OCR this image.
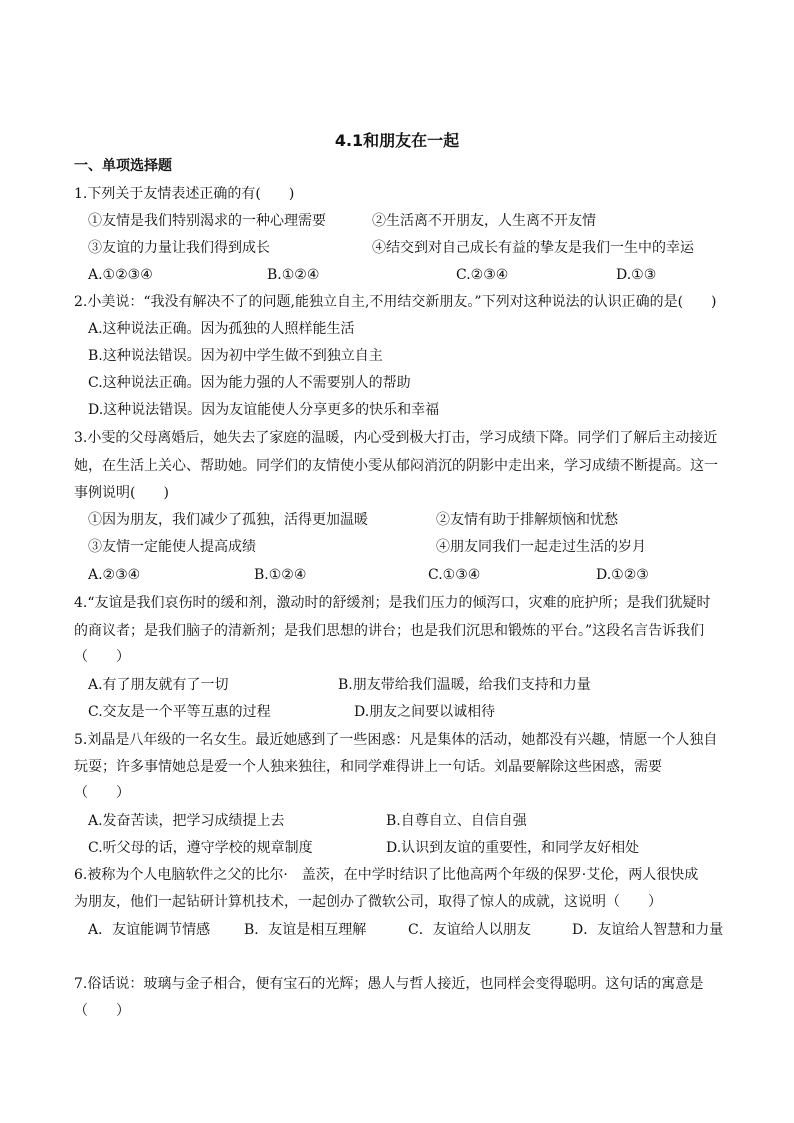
4.1和朋友在一起
一、单项选择题
1.下列关于友情表述正确的有(　　)
①友情是我们特别渴求的一种心理需要	②生活离不开朋友，人生离不开友情
③友谊的力量让我们得到成长	④结交到对自己成长有益的挚友是我们一生中的幸运
A.①②③④	B.①②④	C.②③④	D.①③
2.小美说：“我没有解决不了的问题,能独立自主,不用结交新朋友。”下列对这种说法的认识正确的是(　　)
A.这种说法正确。因为孤独的人照样能生活
B.这种说法错误。因为初中学生做不到独立自主
C.这种说法正确。因为能力强的人不需要别人的帮助
D.这种说法错误。因为友谊能使人分享更多的快乐和幸福
3.小雯的父母离婚后，她失去了家庭的温暖，内心受到极大打击，学习成绩下降。同学们了解后主动接近
她，在生活上关心、帮助她。同学们的友情使小雯从郁闷消沉的阴影中走出来，学习成绩不断提高。这一
事例说明(　　)
①因为朋友，我们减少了孤独，活得更加温暖	②友情有助于排解烦恼和忧愁
③友情一定能使人提高成绩	④朋友同我们一起走过生活的岁月
A.②③④	B.①②④	C.①③④	D.①②③
4.“友谊是我们哀伤时的缓和剂，激动时的舒缓剂；是我们压力的倾泻口，灾难的庇护所；是我们犹疑时
的商议者；是我们脑子的清新剂；是我们思想的讲台；也是我们沉思和锻炼的平台。”这段名言告诉我们
（　　）
A.有了朋友就有了一切	B.朋友带给我们温暖，给我们支持和力量
C.交友是一个平等互惠的过程	D.朋友之间要以诚相待
5.刘晶是八年级的一名女生。最近她感到了一些困惑：凡是集体的活动，她都没有兴趣，情愿一个人独自
玩耍；许多事情她总是爱一个人独来独往，和同学难得讲上一句话。刘晶要解除这些困惑，需要
（　　）
A.发奋苦读，把学习成绩提上去	B.自尊自立、自信自强
C.听父母的话，遵守学校的规章制度	D.认识到友谊的重要性，和同学友好相处
6.被称为个人电脑软件之父的比尔·　盖茨，在中学时结识了比他高两个年级的保罗·艾伦，两人很快成
为朋友，他们一起钻研计算机技术，一起创办了微软公司，取得了惊人的成就，这说明（　　）
A．友谊能调节情感 B．友谊是相互理解	C．友谊给人以朋友	D．友谊给人智慧和力量
7.俗话说：玻璃与金子相合，便有宝石的光辉；愚人与哲人接近，也同样会变得聪明。这句话的寓意是
（　　）
